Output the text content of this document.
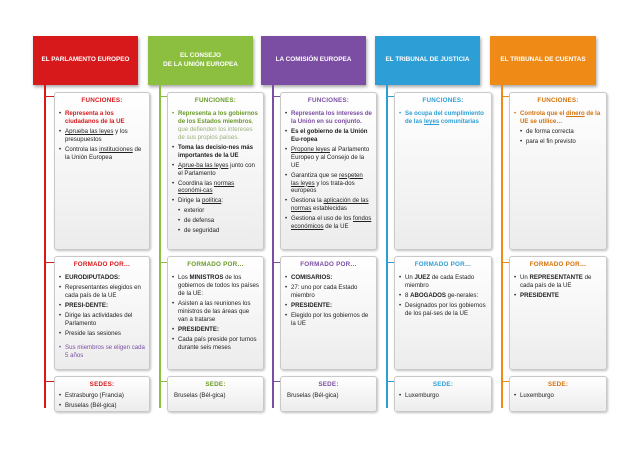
EL PARLAMENTO EUROPEO
FUNCIONES:
• Representa a los ciudadanos de la UE
• Aprueba las leyes y los presupuestos
• Controla las instituciones de la Unión Europea
FORMADO POR…
• EURODIPUTADOS:
• Representantes elegidos en cada país de la UE
• PRESI-DENTE:
• Dirige las actividades del Parlamento
• Preside las sesiones
• Sus miembros se eligen cada 5 años
SEDES:
• Estrasburgo (Francia)
• Bruselas (Bél-gica)
EL CONSEJO
DE LA UNIÓN EUROPEA
FUNCIONES:
• Representa a los gobiernos de los Estados miembros, que defienden los intereses de sus propios países.
• Toma las decisio-nes más importantes de la UE
• Aprue-ba las leyes junto con el Parlamento
• Coordina las normas económi-cas
• Dirige la política:
• exterior
• de defensa
• de seguridad
FORMADO POR…
• Los MINISTROS de los gobiernos de todos los países de la UE:
• Asisten a las reuniones los ministros de las áreas que van a tratarse
• PRESIDENTE:
• Cada país preside por turnos durante seis meses
SEDE:
Bruselas (Bél-gica)
LA COMISIÓN EUROPEA
FUNCIONES:
• Representa los intereses de la Unión en su conjunto.
• Es el gobierno de la Unión Eu-ropea
• Propone leyes al Parlamento Europeo y al Consejo de la UE
• Garantiza que se respeten las leyes y los trata-dos europeos
• Gestiona la aplicación de las normas establecidas
• Gestiona el uso de los fondos económicos de la UE
FORMADO POR…
• COMISARIOS:
• 27: uno por cada Estado miembro
• PRESIDENTE:
• Elegido por los gobiernos de la UE
SEDE:
Bruselas (Bél-gica)
EL TRIBUNAL DE JUSTICIA
FUNCIONES:
• Se ocupa del cumplimiento de las leyes comunitarias
FORMADO POR…
• Un JUEZ de cada Estado miembro
• 8 ABOGADOS ge-nerales:
• Designados por los gobiernos de los paí-ses de la UE
SEDE:
• Luxemburgo
EL TRIBUNAL DE CUENTAS
FUNCIONES:
• Controla que el dinero de la UE se utilice…
• de forma correcta
• para el fin previsto
FORMADO POR…
• Un REPRESENTANTE de cada país de la UE
• PRESIDENTE
SEDE:
• Luxemburgo
